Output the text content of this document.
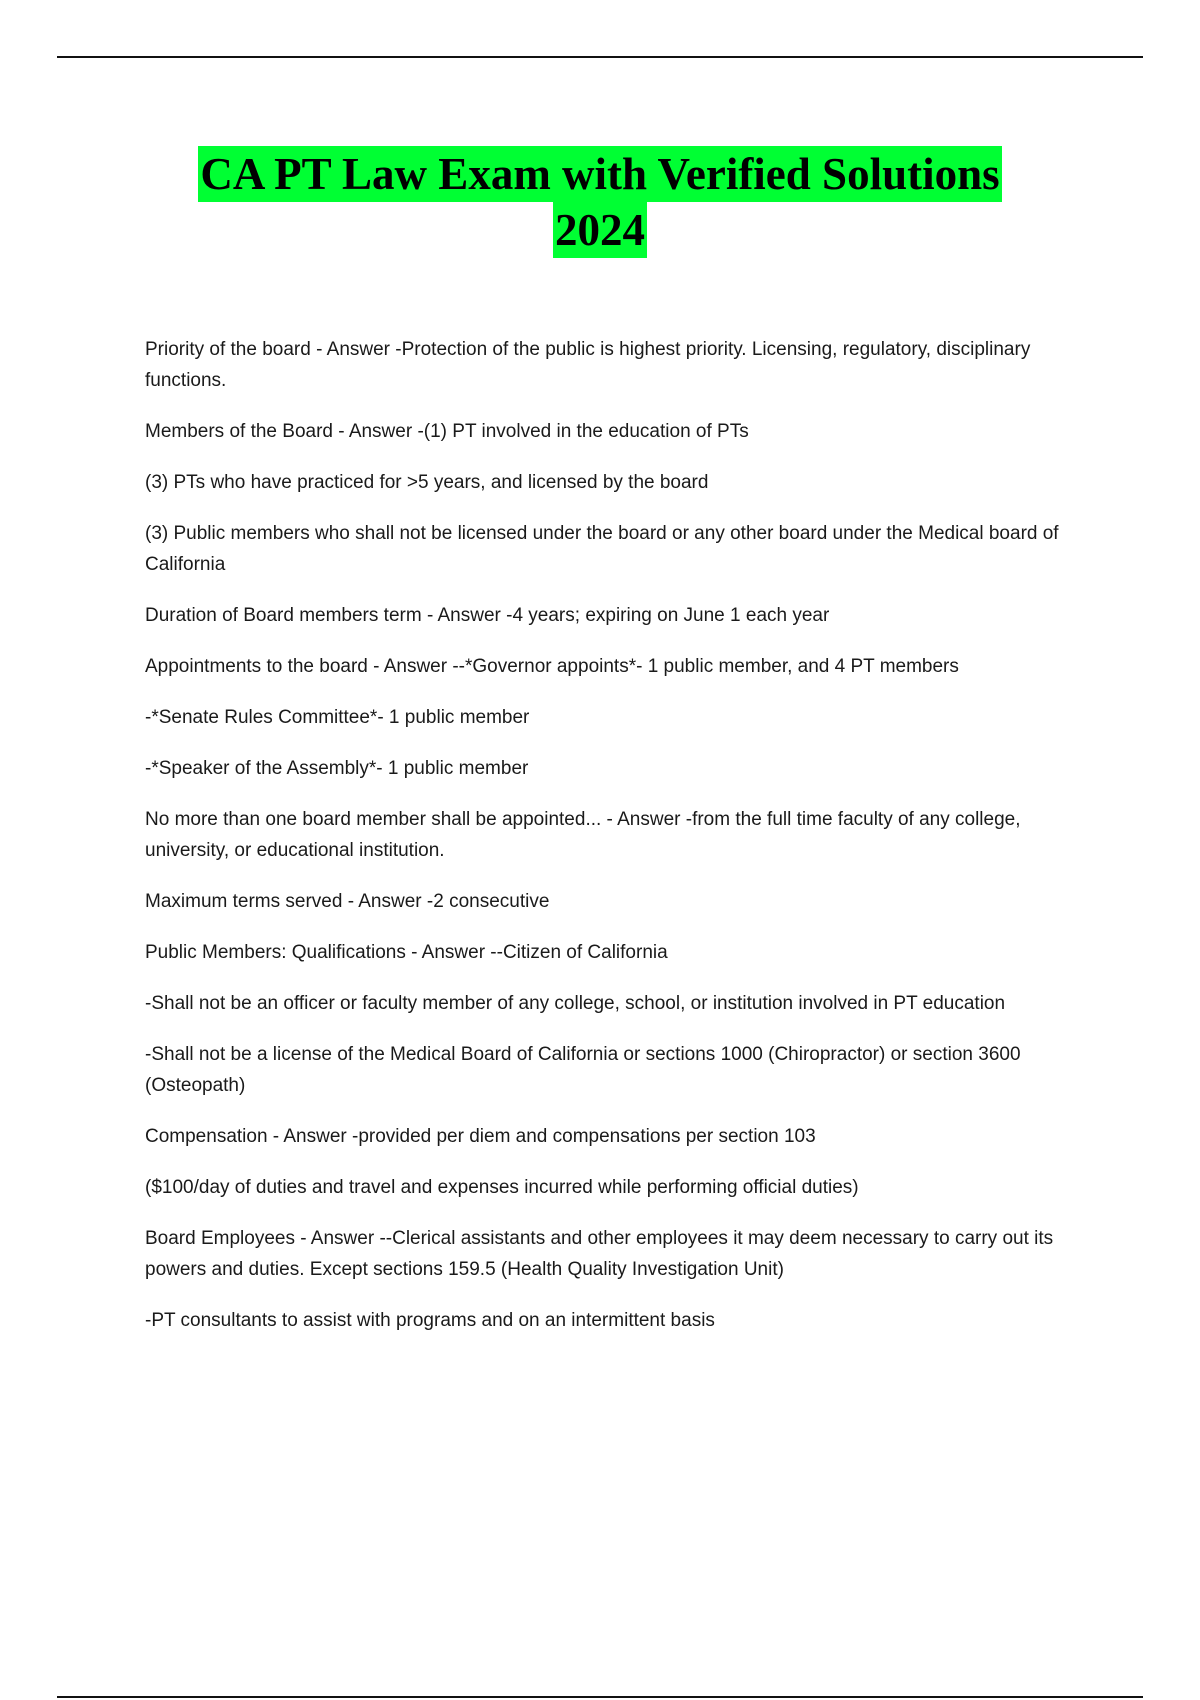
CA PT Law Exam with Verified Solutions
2024

Priority of the board - Answer -Protection of the public is highest priority. Licensing, regulatory, disciplinary functions.

Members of the Board - Answer -(1) PT involved in the education of PTs

(3) PTs who have practiced for >5 years, and licensed by the board

(3) Public members who shall not be licensed under the board or any other board under the Medical board of California

Duration of Board members term - Answer -4 years; expiring on June 1 each year

Appointments to the board - Answer --*Governor appoints*- 1 public member, and 4 PT members

-*Senate Rules Committee*- 1 public member

-*Speaker of the Assembly*- 1 public member

No more than one board member shall be appointed... - Answer -from the full time faculty of any college, university, or educational institution.

Maximum terms served - Answer -2 consecutive

Public Members: Qualifications - Answer --Citizen of California

-Shall not be an officer or faculty member of any college, school, or institution involved in PT education

-Shall not be a license of the Medical Board of California or sections 1000 (Chiropractor) or section 3600 (Osteopath)

Compensation - Answer -provided per diem and compensations per section 103

($100/day of duties and travel and expenses incurred while performing official duties)

Board Employees - Answer --Clerical assistants and other employees it may deem necessary to carry out its powers and duties. Except sections 159.5 (Health Quality Investigation Unit)

-PT consultants to assist with programs and on an intermittent basis
